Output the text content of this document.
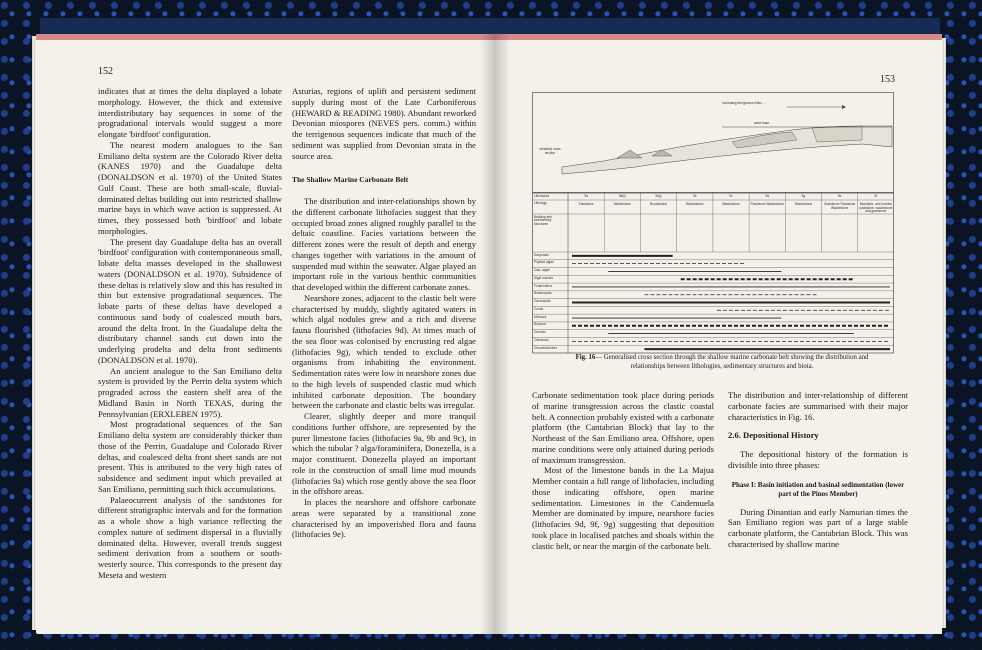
152

indicates that at times the delta displayed a lobate morphology. However, the thick and extensive interdistributary bay sequences in some of the progradational intervals would suggest a more elongate 'birdfoot' configuration.

The nearest modern analogues to the San Emiliano delta system are the Colorado River delta (KANES 1970) and the Guadalupe delta (DONALDSON et al. 1970) of the United States Gulf Coast. These are both small-scale, fluvial-dominated deltas building out into restricted shallow marine bays in which wave action is suppressed. At times, they possessed both 'birdfoot' and lobate morphologies.

The present day Guadalupe delta has an overall 'birdfoot' configuration with contemporaneous small, lobate delta masses developed in the shallowest waters (DONALDSON et al. 1970). Subsidence of these deltas is relatively slow and this has resulted in thin but extensive progradational sequences. The lobate parts of these deltas have developed a continuous sand body of coalesced mouth bars, around the delta front. In the Guadalupe delta the distributary channel sands cut down into the underlying prodelta and delta front sediments (DONALDSON et al. 1970).

An ancient analogue to the San Emiliano delta system is provided by the Perrin delta system which prograded across the eastern shelf area of the Midland Basin in North TEXAS, during the Pennsylvanian (ERXLEBEN 1975).

Most progradational sequences of the San Emiliano delta system are considerably thicker than those of the Perrin, Guadalupe and Colorado River deltas, and coalesced delta front sheet sands are not present. This is attributed to the very high rates of subsidence and sediment input which prevailed at San Emiliano, permitting such thick accumulations.

Palaeocurrent analysis of the sandstones for different stratigraphic intervals and for the formation as a whole show a high variance reflecting the complex nature of sediment dispersal in a fluvially dominated delta. However, overall trends suggest sediment derivation from a southern or south-westerly source. This corresponds to the present day Meseta and western

Asturias, regions of uplift and persistent sediment supply during most of the Late Carboniferous (HEWARD & READING 1980). Abundant reworked Devonian miospores (NEVES pers. comm.) within the terrigenous sequences indicate that much of the sediment was supplied from Devonian strata in the source area.

The Shallow Marine Carbonate Belt

The distribution and inter-relationships shown by the different carbonate lithofacies suggest that they occupied broad zones aligned roughly parallel to the deltaic coastline. Facies variations between the different zones were the result of depth and energy changes together with variations in the amount of suspended mud within the seawater. Algae played an important role in the various benthic communities that developed within the different carbonate zones.

Nearshore zones, adjacent to the clastic belt were characterised by muddy, slightly agitated waters in which algal nodules grew and a rich and diverse fauna flourished (lithofacies 9d). At times much of the sea floor was colonised by encrusting red algae (lithofacies 9g), which tended to exclude other organisms from inhabiting the environment. Sedimentation rates were low in nearshore zones due to the high levels of suspended clastic mud which inhibited carbonate deposition. The boundary between the carbonate and clastic belts was irregular.

Clearer, slightly deeper and more tranquil conditions further offshore, are represented by the purer limestone facies (lithofacies 9a, 9b and 9c), in which the tubular ? alga/foraminifera, Donezella, is a major constituent. Donezella played an important role in the construction of small lime mud mounds (lithofacies 9a) which rose gently above the sea floor in the offshore areas.

In places the nearshore and offshore carbonate areas were separated by a transitional zone characterised by an impoverished flora and fauna (lithofacies 9e).

153
Increasing terrigenous influx →
wave base
Idealised cross section
Lithofacies
Lithology
Bedding and sedimentary structures
Dasyclads
Phylloid algae
Calc. algae
Algal nodules
Foraminifera
Brachiopods
Gastropods
Corals
Molluscs
Bryozoa
Crinoids
Ostracods
Chonetids/tubes
9a
Packstone
9a(ii)
Wackestone
9a(i)
Boundstone
9b
Wackestone
9c
Wackestone
9d
Packstone Wackestone
9g
Wackestone
9e
Grainstone Packstone Wackestone
9f
Bioclastic, and nodular packstone, wackestone and grainstone
Fig. 16— Generalised cross section through the shallow marine carbonate belt showing the distribution and relationships between lithologies, sedimentary structures and biota.

Carbonate sedimentation took place during periods of marine transgression across the clastic coastal belt. A connection probably existed with a carbonate platform (the Cantabrian Block) that lay to the Northeast of the San Emiliano area. Offshore, open marine conditions were only attained during periods of maximum transgression.

Most of the limestone bands in the La Majua Member contain a full range of lithofacies, including those indicating offshore, open marine sedimentation. Limestones in the Candemuela Member are dominated by impure, nearshore facies (lithofacies 9d, 9f, 9g) suggesting that deposition took place in localised patches and shoals within the clastic belt, or near the margin of the carbonate belt.

The distribution and inter-relationship of different carbonate facies are summarised with their major characteristics in Fig. 16.

2.6. Depositional History

The depositional history of the formation is divisible into three phases:

Phase I: Basin initiation and basinal sedimentation (lower part of the Pinos Member)

During Dinantian and early Namurian times the San Emiliano region was part of a large stable carbonate platform, the Cantabrian Block. This was characterised by shallow marine
